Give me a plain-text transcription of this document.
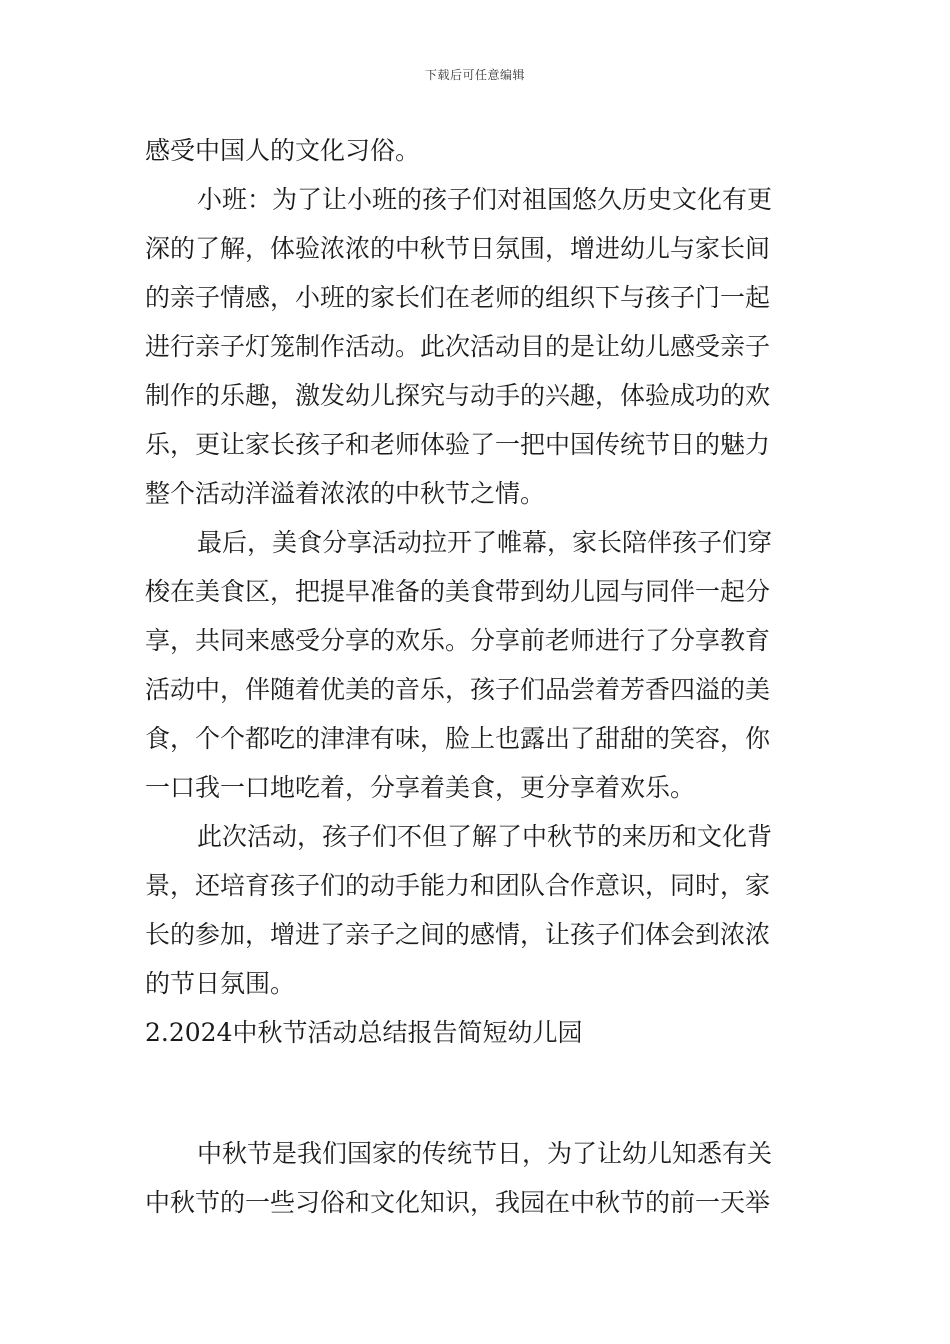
下载后可任意编辑
感受中国人的文化习俗。
小班：为了让小班的孩子们对祖国悠久历史文化有更
深的了解，体验浓浓的中秋节日氛围，增进幼儿与家长间
的亲子情感，小班的家长们在老师的组织下与孩子门一起
进行亲子灯笼制作活动。此次活动目的是让幼儿感受亲子
制作的乐趣，激发幼儿探究与动手的兴趣，体验成功的欢
乐，更让家长孩子和老师体验了一把中国传统节日的魅力
整个活动洋溢着浓浓的中秋节之情。
最后，美食分享活动拉开了帷幕，家长陪伴孩子们穿
梭在美食区，把提早准备的美食带到幼儿园与同伴一起分
享，共同来感受分享的欢乐。分享前老师进行了分享教育
活动中，伴随着优美的音乐，孩子们品尝着芳香四溢的美
食，个个都吃的津津有味，脸上也露出了甜甜的笑容，你
一口我一口地吃着，分享着美食，更分享着欢乐。
此次活动，孩子们不但了解了中秋节的来历和文化背
景，还培育孩子们的动手能力和团队合作意识，同时，家
长的参加，增进了亲子之间的感情，让孩子们体会到浓浓
的节日氛围。
2.2024中秋节活动总结报告简短幼儿园
中秋节是我们国家的传统节日，为了让幼儿知悉有关
中秋节的一些习俗和文化知识，我园在中秋节的前一天举
